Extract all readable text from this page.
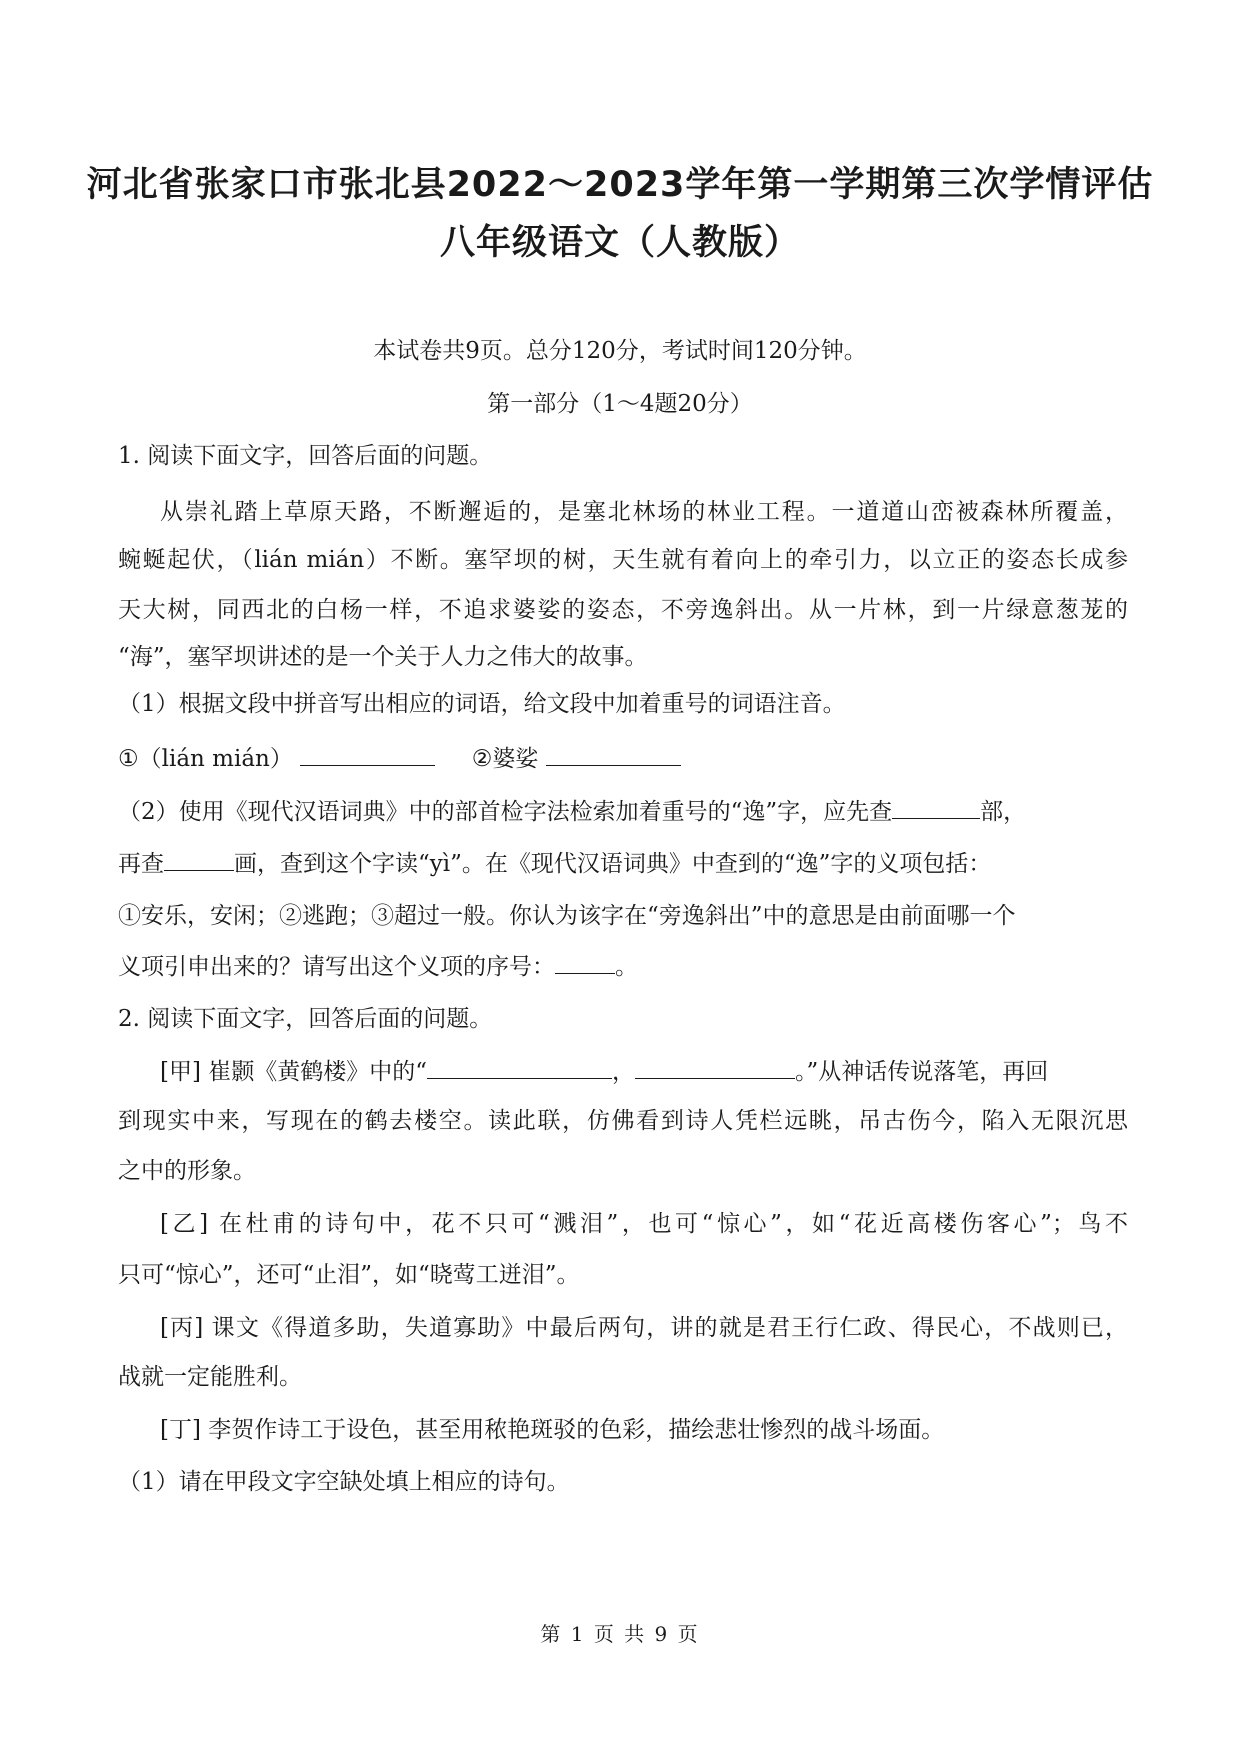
河北省张家口市张北县2022～2023学年第一学期第三次学情评估
八年级语文（人教版）
本试卷共9页。总分120分，考试时间120分钟。
第一部分（1～4题20分）
1. 阅读下面文字，回答后面的问题。
从崇礼踏上草原天路，不断邂逅的，是塞北林场的林业工程。一道道山峦被森林所覆盖，
蜿蜒起伏，（lián mián）不断。塞罕坝的树，天生就有着向上的牵引力，以立正的姿态长成参
天大树，同西北的白杨一样，不追求婆娑的姿态，不旁逸斜出。从一片林，到一片绿意葱茏的
“海”，塞罕坝讲述的是一个关于人力之伟大的故事。
（1）根据文段中拼音写出相应的词语，给文段中加着重号的词语注音。
①（lián mián）	②婆娑
（2）使用《现代汉语词典》中的部首检字法检索加着重号的“逸”字，应先查	部，
再查	画，查到这个字读“yì”。在《现代汉语词典》中查到的“逸”字的义项包括：
①安乐，安闲；②逃跑；③超过一般。你认为该字在“旁逸斜出”中的意思是由前面哪一个
义项引申出来的？请写出这个义项的序号：	。
2. 阅读下面文字，回答后面的问题。
[甲] 崔颢《黄鹤楼》中的“	，	。”从神话传说落笔，再回
到现实中来，写现在的鹤去楼空。读此联，仿佛看到诗人凭栏远眺，吊古伤今，陷入无限沉思
之中的形象。
[乙] 在杜甫的诗句中，花不只可“溅泪”，也可“惊心”，如“花近高楼伤客心”；鸟不
只可“惊心”，还可“止泪”，如“晓莺工迸泪”。
[丙] 课文《得道多助，失道寡助》中最后两句，讲的就是君王行仁政、得民心，不战则已，
战就一定能胜利。
[丁] 李贺作诗工于设色，甚至用秾艳斑驳的色彩，描绘悲壮惨烈的战斗场面。
（1）请在甲段文字空缺处填上相应的诗句。
第 1 页 共 9 页
